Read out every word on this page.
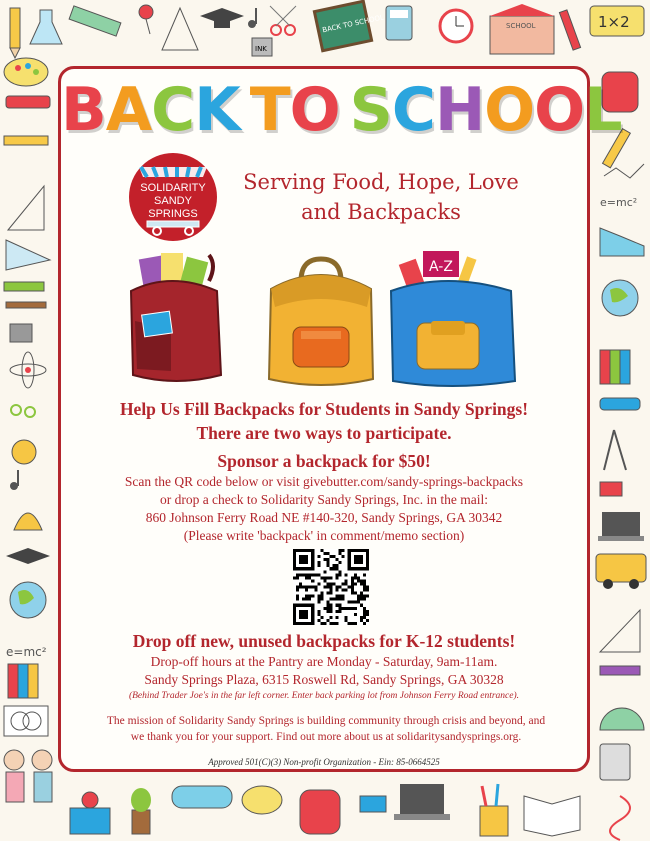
INK
BACK TO SCHOOL	SCHOOL	1×2
e=mc²
e=mc²
BACK TO SCHOOL
SOLIDARITY
SANDY
SPRINGS
Serving Food, Hope, Love
and Backpacks
A-Z
Help Us Fill Backpacks for Students in Sandy Springs!
There are two ways to participate.
Sponsor a backpack for $50!
Scan the QR code below or visit givebutter.com/sandy-springs-backpacks
or drop a check to Solidarity Sandy Springs, Inc. in the mail:
860 Johnson Ferry Road NE #140-320, Sandy Springs, GA 30342
(Please write 'backpack' in comment/memo section)
Drop off new, unused backpacks for K-12 students!
Drop-off hours at the Pantry are Monday - Saturday, 9am-11am.
Sandy Springs Plaza, 6315 Roswell Rd, Sandy Springs, GA 30328
(Behind Trader Joe's in the far left corner. Enter back parking lot from Johnson Ferry Road entrance).
The mission of Solidarity Sandy Springs is building community through crisis and beyond, and
we thank you for your support. Find out more about us at solidaritysandysprings.org.
Approved 501(C)(3) Non-profit Organization - Ein: 85-0664525
